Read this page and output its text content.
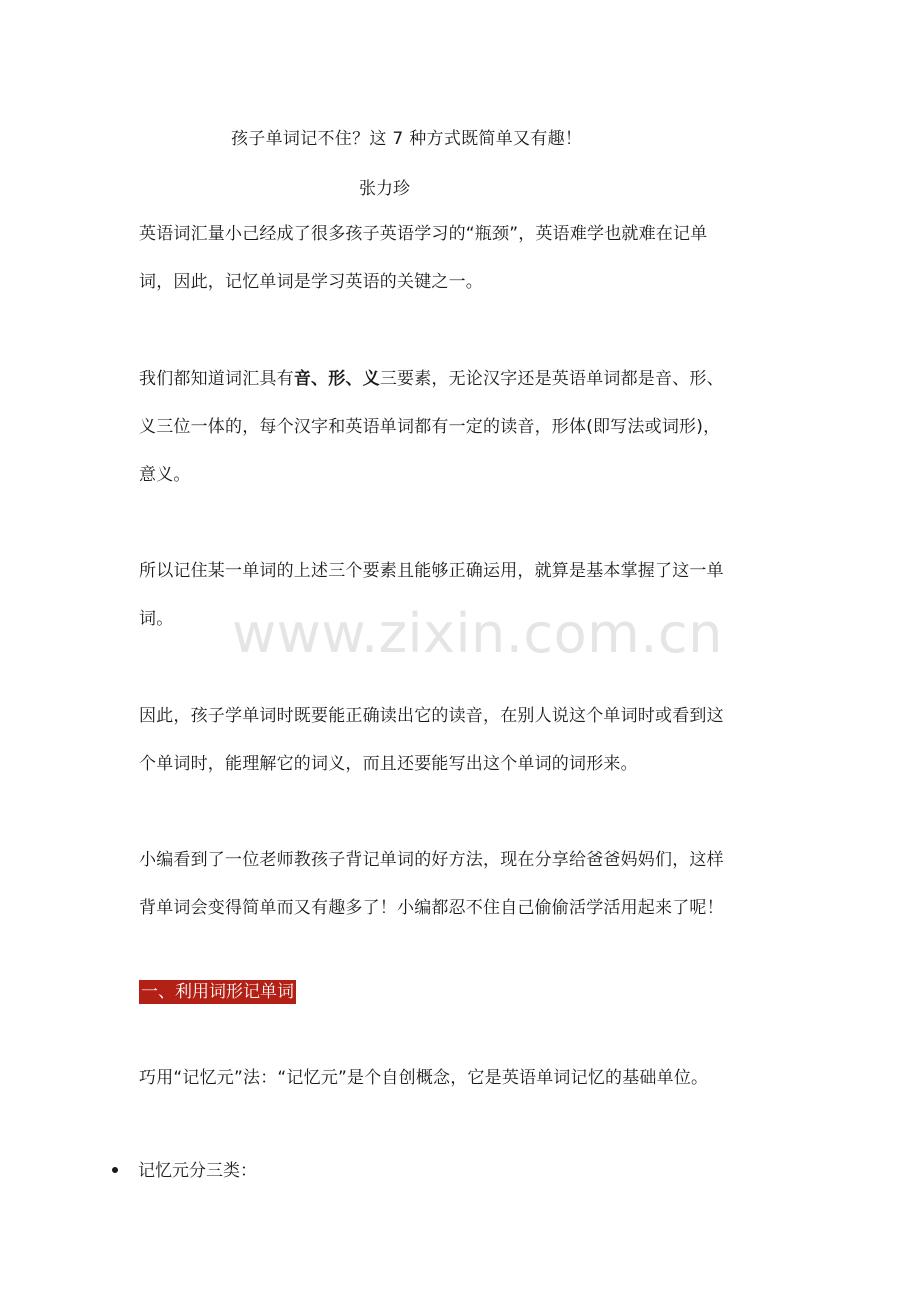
www.zixin.com.cn
孩子单词记不住？这 7 种方式既简单又有趣！
张力珍
英语词汇量小己经成了很多孩子英语学习的“瓶颈”，英语难学也就难在记单
词，因此，记忆单词是学习英语的关键之一。
我们都知道词汇具有音、形、义三要素，无论汉字还是英语单词都是音、形、
义三位一体的，每个汉字和英语单词都有一定的读音，形体(即写法或词形)，
意义。
所以记住某一单词的上述三个要素且能够正确运用，就算是基本掌握了这一单
词。
因此，孩子学单词时既要能正确读出它的读音，在别人说这个单词时或看到这
个单词时，能理解它的词义，而且还要能写出这个单词的词形来。
小编看到了一位老师教孩子背记单词的好方法，现在分享给爸爸妈妈们，这样
背单词会变得简单而又有趣多了！小编都忍不住自己偷偷活学活用起来了呢！
一、利用词形记单词
巧用“记忆元”法：“记忆元”是个自创概念，它是英语单词记忆的基础单位。
记忆元分三类：
